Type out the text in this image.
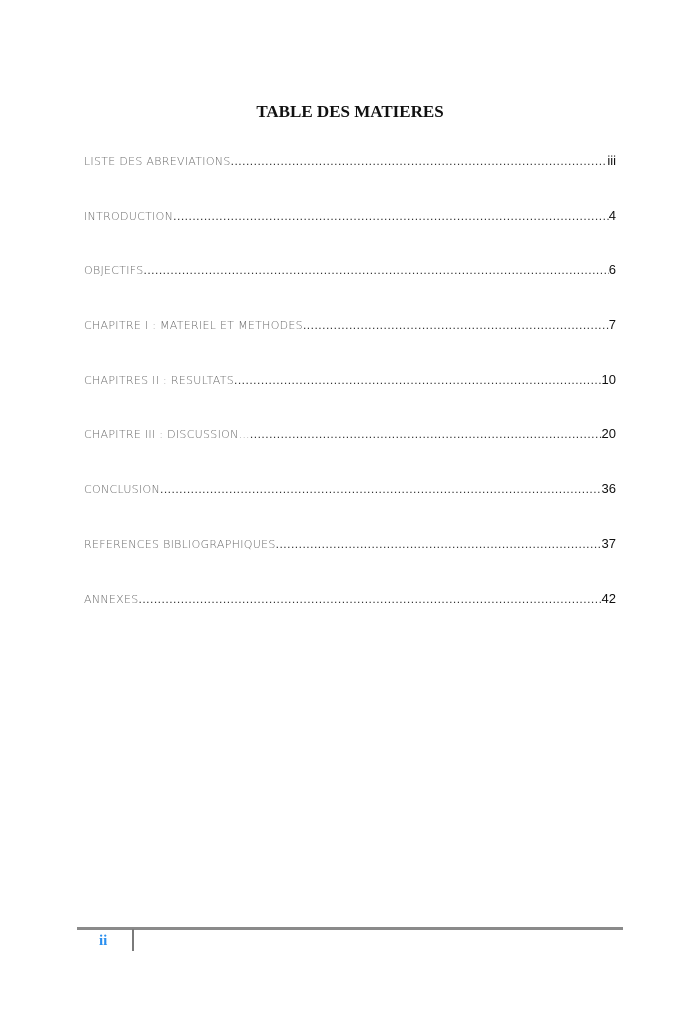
TABLE DES MATIERES
LISTE DES ABREVIATIONS .....	iii
INTRODUCTION .....	4
OBJECTIFS .....	6
CHAPITRE I : MATERIEL ET METHODES .....	7
CHAPITRES II : RESULTATS .....	10
CHAPITRE III : DISCUSSION… .....	20
CONCLUSION .....	36
REFERENCES BIBLIOGRAPHIQUES .....	37
ANNEXES .....	42
ii
